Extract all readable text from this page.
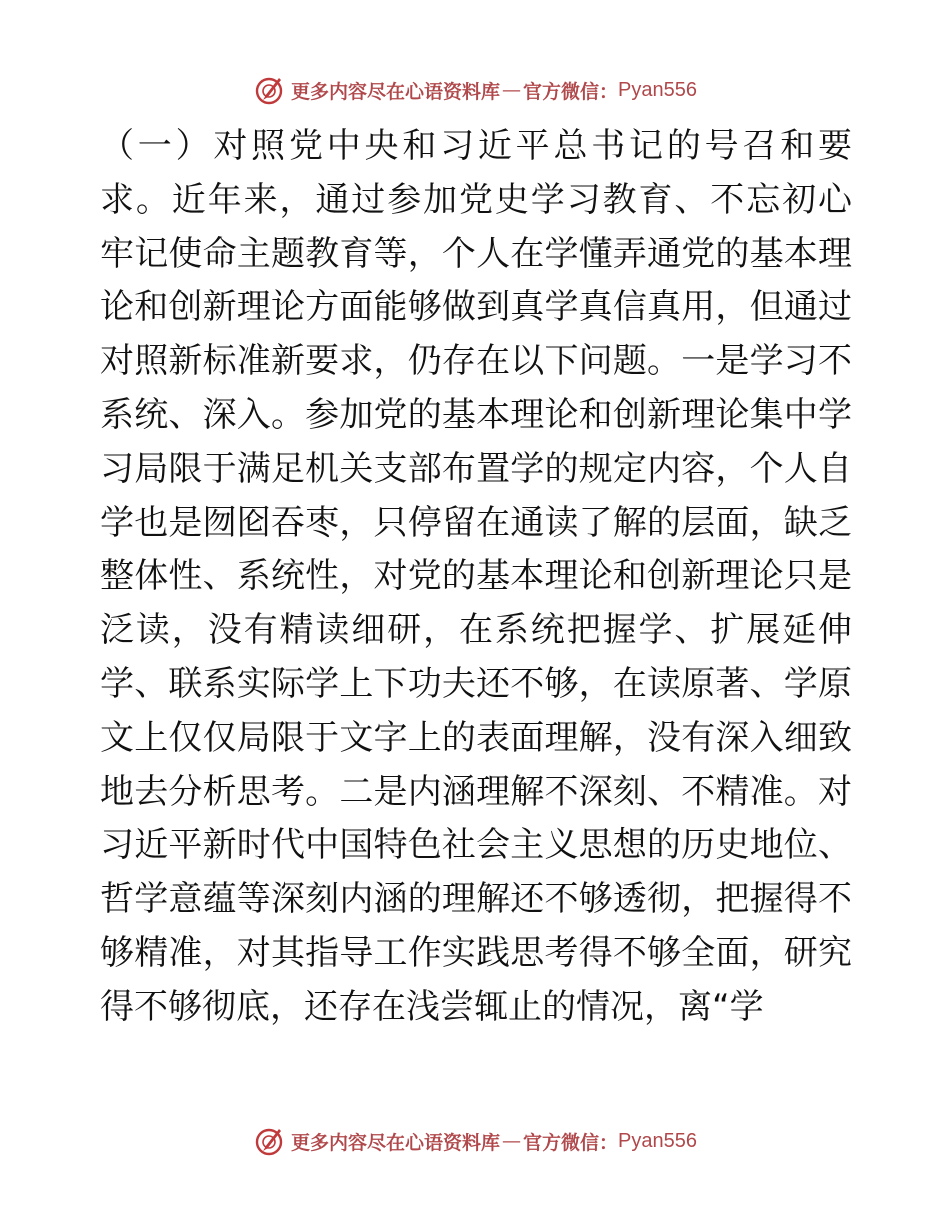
更多内容尽在心语资料库 — 官方微信： Pyan556
（一）对照党中央和习近平总书记的号召和要
求。近年来，通过参加党史学习教育、不忘初心
牢记使命主题教育等，个人在学懂弄通党的基本理
论和创新理论方面能够做到真学真信真用，但通过
对照新标准新要求，仍存在以下问题。一是学习不
系统、深入。参加党的基本理论和创新理论集中学
习局限于满足机关支部布置学的规定内容，个人自
学也是囫囵吞枣，只停留在通读了解的层面，缺乏
整体性、系统性，对党的基本理论和创新理论只是
泛读，没有精读细研，在系统把握学、扩展延伸
学、联系实际学上下功夫还不够，在读原著、学原
文上仅仅局限于文字上的表面理解，没有深入细致
地去分析思考。二是内涵理解不深刻、不精准。对
习近平新时代中国特色社会主义思想的历史地位、
哲学意蕴等深刻内涵的理解还不够透彻，把握得不
够精准，对其指导工作实践思考得不够全面，研究
得不够彻底，还存在浅尝辄止的情况，离“学
更多内容尽在心语资料库 — 官方微信： Pyan556
